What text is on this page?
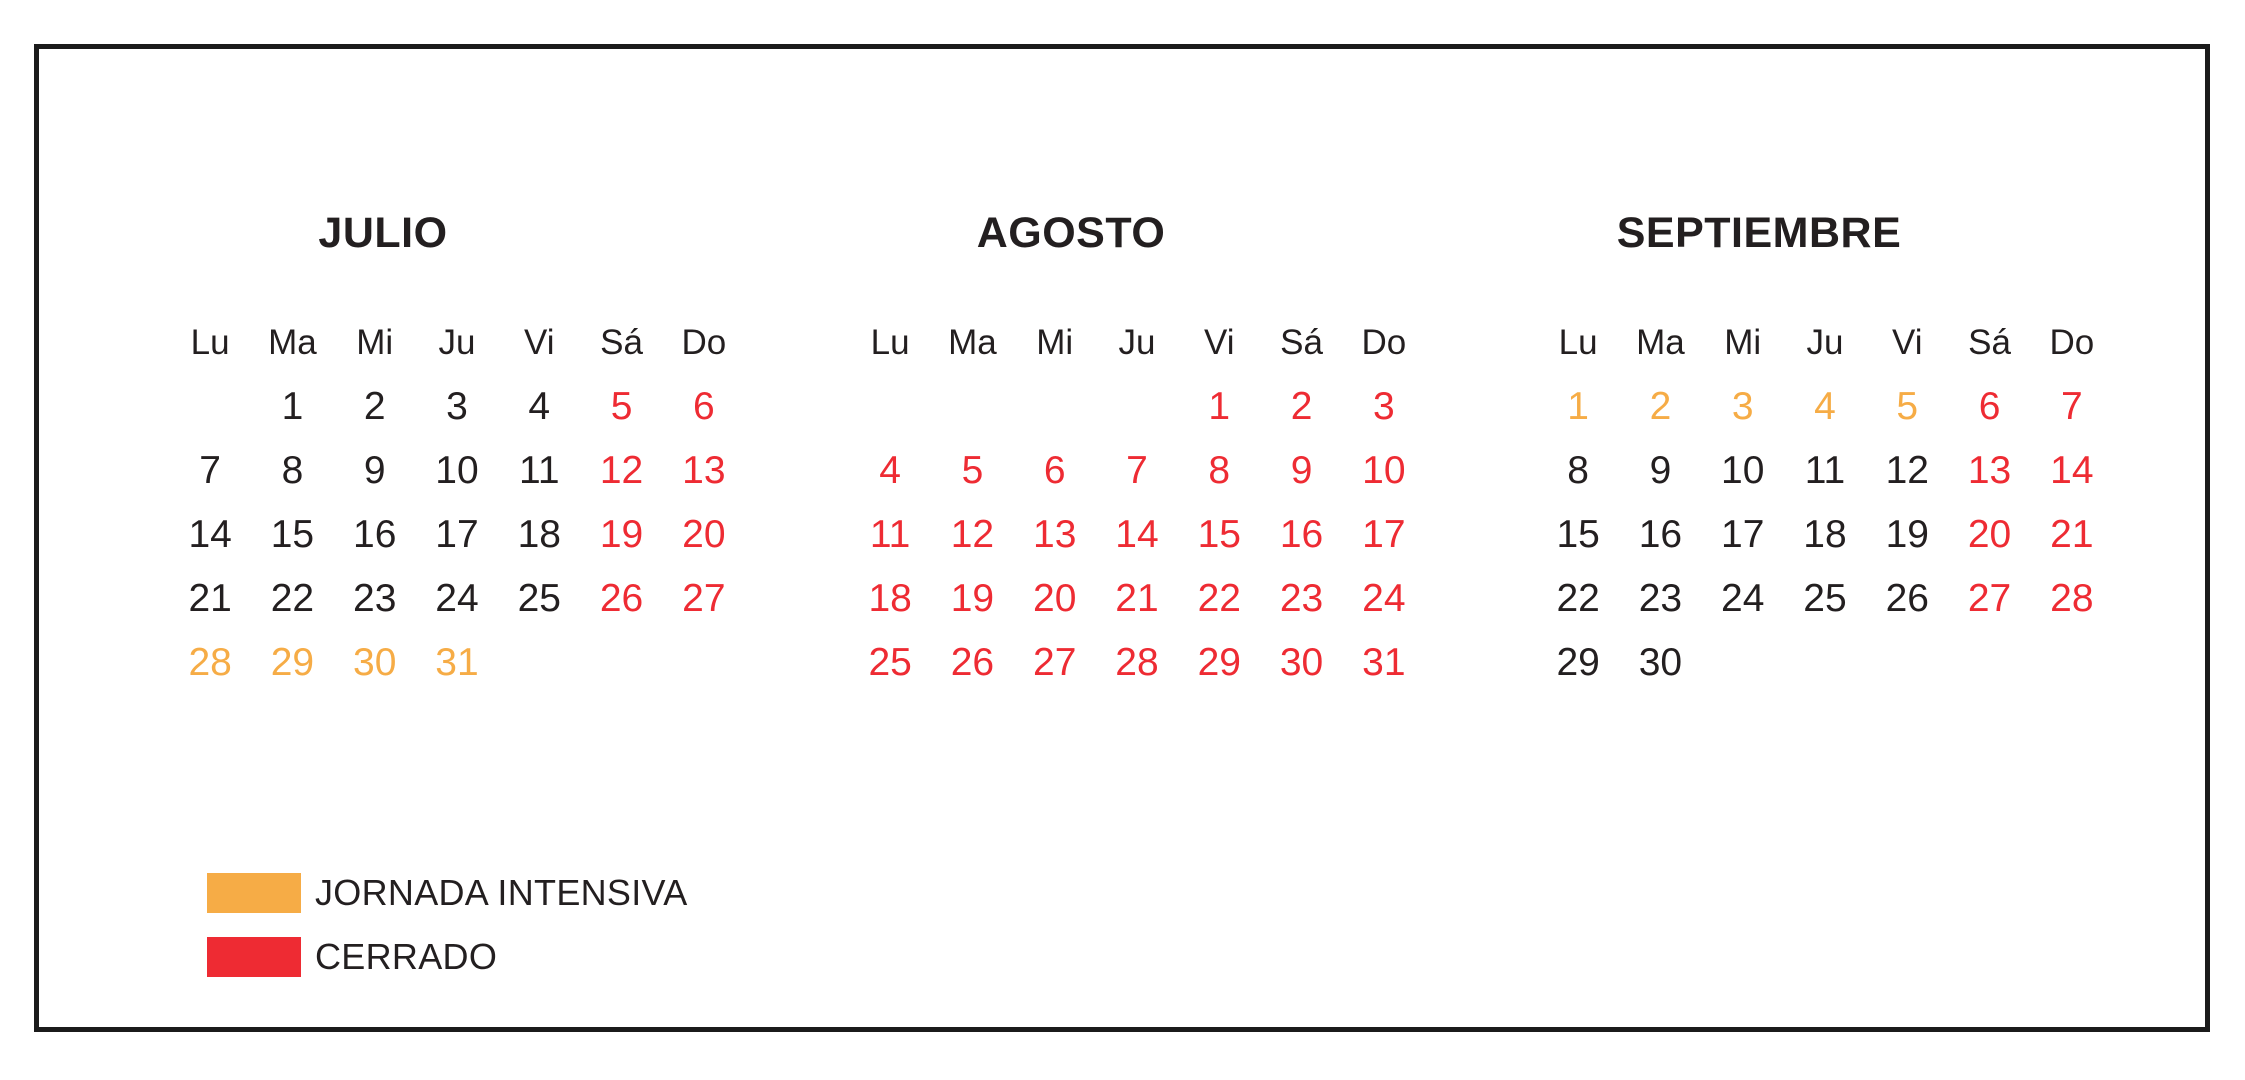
JULIO
Lu Ma Mi Ju Vi Sá Do
1 2 3 4 5 6
7 8 9 10 11 12 13
14 15 16 17 18 19 20
21 22 23 24 25 26 27
28 29 30 31
AGOSTO
Lu Ma Mi Ju Vi Sá Do
1 2 3
4 5 6 7 8 9 10
11 12 13 14 15 16 17
18 19 20 21 22 23 24
25 26 27 28 29 30 31
SEPTIEMBRE
Lu Ma Mi Ju Vi Sá Do
1 2 3 4 5 6 7
8 9 10 11 12 13 14
15 16 17 18 19 20 21
22 23 24 25 26 27 28
29 30
JORNADA INTENSIVA
CERRADO
